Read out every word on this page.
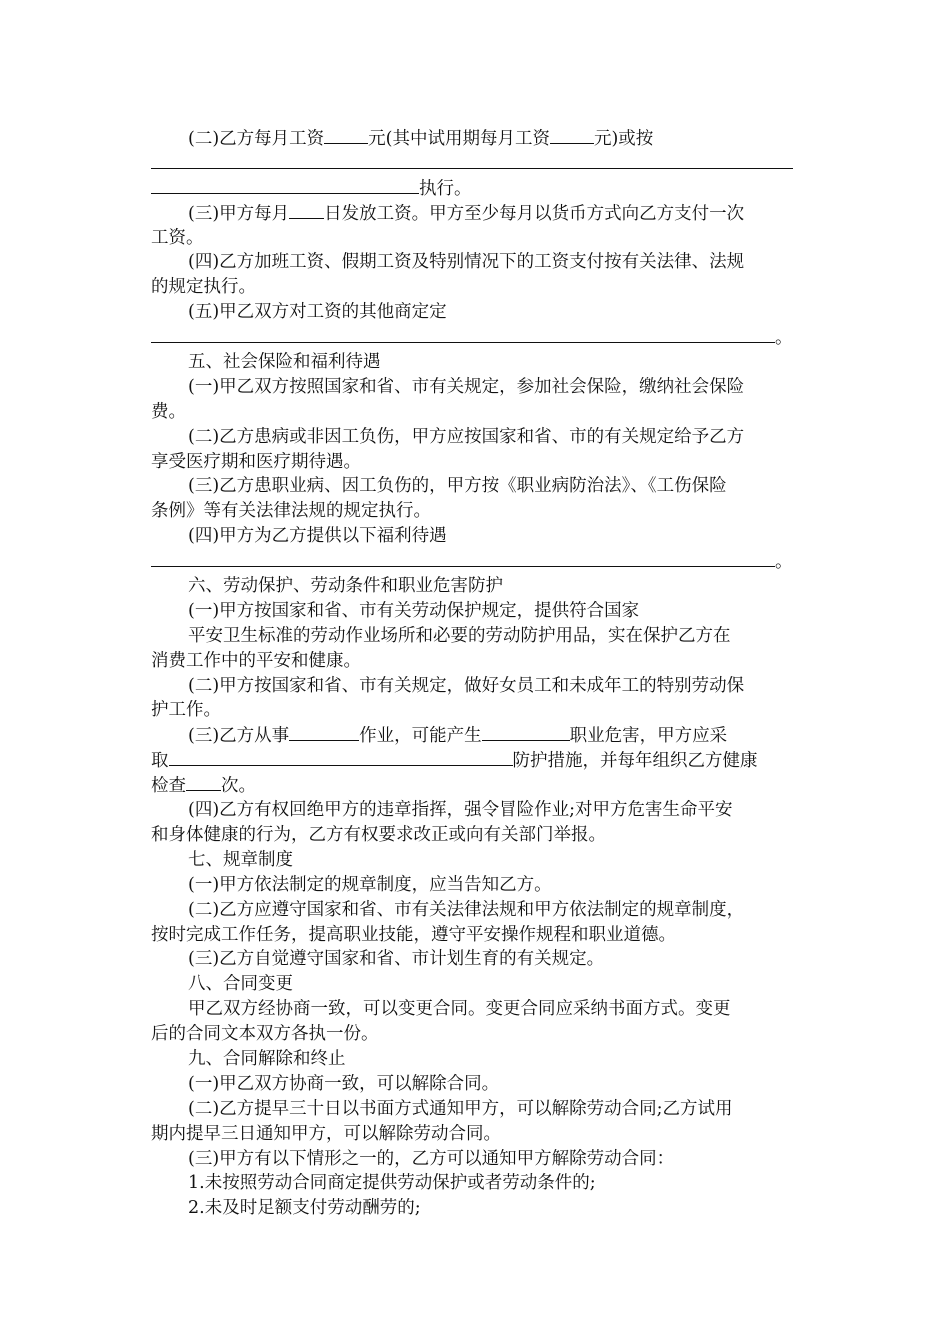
(二)乙方每月工资	元(其中试用期每月工资	元)或按
执行。
(三)甲方每月 日发放工资。甲方至少每月以货币方式向乙方支付一次
工资。
(四)乙方加班工资、假期工资及特别情况下的工资支付按有关法律、法规
的规定执行。
(五)甲乙双方对工资的其他商定定
。
五、社会保险和福利待遇
(一)甲乙双方按照国家和省、市有关规定，参加社会保险，缴纳社会保险
费。
(二)乙方患病或非因工负伤，甲方应按国家和省、市的有关规定给予乙方
享受医疗期和医疗期待遇。
(三)乙方患职业病、因工负伤的，甲方按《职业病防治法》、《工伤保险
条例》等有关法律法规的规定执行。
(四)甲方为乙方提供以下福利待遇
。
六、劳动保护、劳动条件和职业危害防护
(一)甲方按国家和省、市有关劳动保护规定，提供符合国家
平安卫生标准的劳动作业场所和必要的劳动防护用品，实在保护乙方在
消费工作中的平安和健康。
(二)甲方按国家和省、市有关规定，做好女员工和未成年工的特别劳动保
护工作。
(三)乙方从事	作业，可能产生	职业危害，甲方应采
取	防护措施，并每年组织乙方健康
检查 次。
(四)乙方有权回绝甲方的违章指挥，强令冒险作业;对甲方危害生命平安
和身体健康的行为，乙方有权要求改正或向有关部门举报。
七、规章制度
(一)甲方依法制定的规章制度，应当告知乙方。
(二)乙方应遵守国家和省、市有关法律法规和甲方依法制定的规章制度，
按时完成工作任务，提高职业技能，遵守平安操作规程和职业道德。
(三)乙方自觉遵守国家和省、市计划生育的有关规定。
八、合同变更
甲乙双方经协商一致，可以变更合同。变更合同应采纳书面方式。变更
后的合同文本双方各执一份。
九、合同解除和终止
(一)甲乙双方协商一致，可以解除合同。
(二)乙方提早三十日以书面方式通知甲方，可以解除劳动合同;乙方试用
期内提早三日通知甲方，可以解除劳动合同。
(三)甲方有以下情形之一的，乙方可以通知甲方解除劳动合同：
1.未按照劳动合同商定提供劳动保护或者劳动条件的;
2.未及时足额支付劳动酬劳的;
